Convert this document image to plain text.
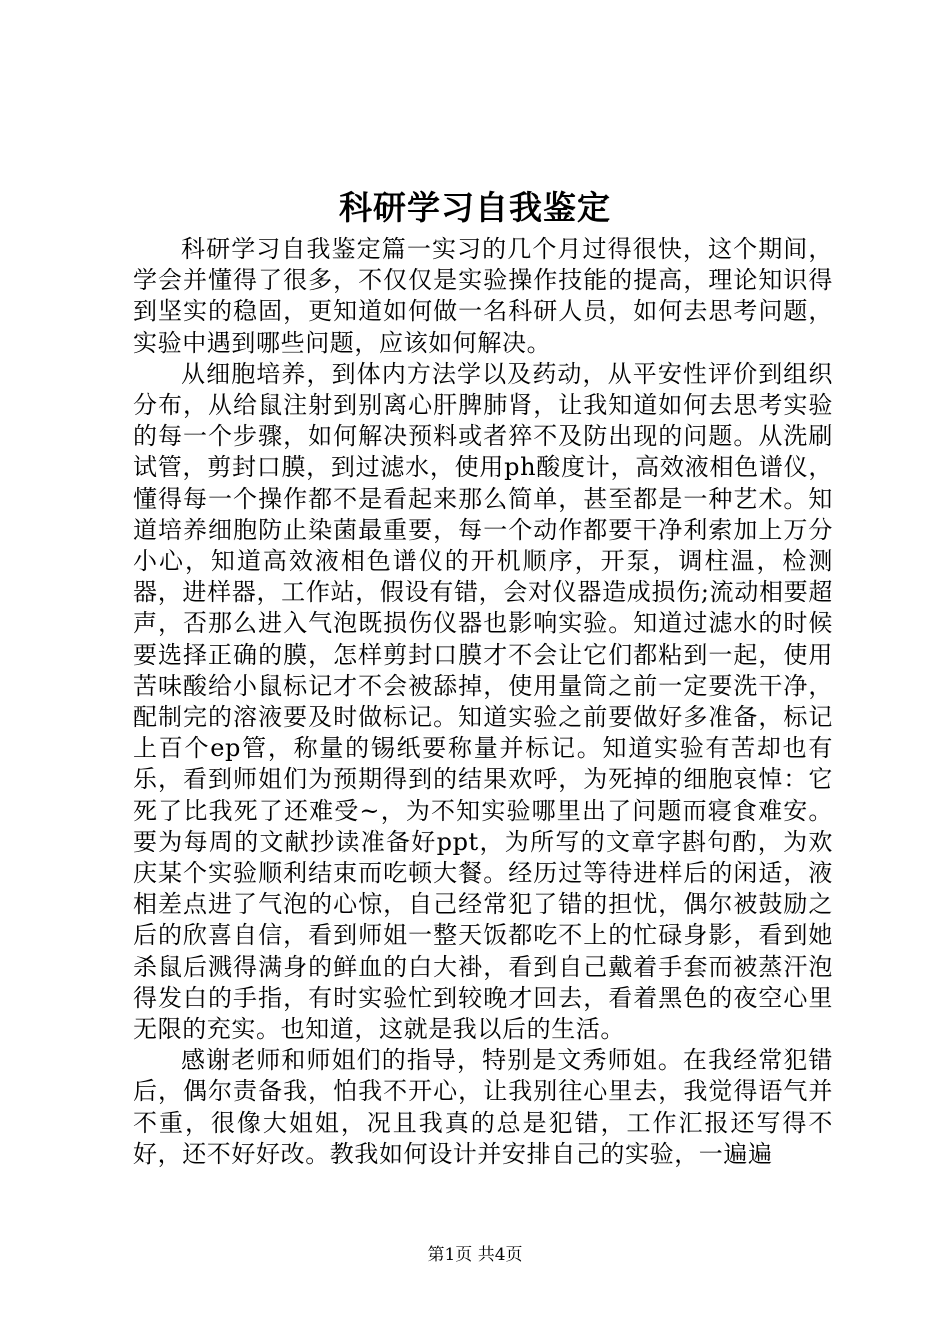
科研学习自我鉴定

科研学习自我鉴定篇一实习的几个月过得很快，这个期间，学会并懂得了很多，不仅仅是实验操作技能的提高，理论知识得到坚实的稳固，更知道如何做一名科研人员，如何去思考问题，实验中遇到哪些问题，应该如何解决。

从细胞培养，到体内方法学以及药动，从平安性评价到组织分布，从给鼠注射到别离心肝脾肺肾，让我知道如何去思考实验的每一个步骤，如何解决预料或者猝不及防出现的问题。从洗刷试管，剪封口膜，到过滤水，使用ph酸度计，高效液相色谱仪，懂得每一个操作都不是看起来那么简单，甚至都是一种艺术。知道培养细胞防止染菌最重要，每一个动作都要干净利索加上万分小心，知道高效液相色谱仪的开机顺序，开泵，调柱温，检测器，进样器，工作站，假设有错，会对仪器造成损伤;流动相要超声，否那么进入气泡既损伤仪器也影响实验。知道过滤水的时候要选择正确的膜，怎样剪封口膜才不会让它们都粘到一起，使用苦味酸给小鼠标记才不会被舔掉，使用量筒之前一定要洗干净，配制完的溶液要及时做标记。知道实验之前要做好多准备，标记上百个ep管，称量的锡纸要称量并标记。知道实验有苦却也有乐，看到师姐们为预期得到的结果欢呼，为死掉的细胞哀悼：它死了比我死了还难受~，为不知实验哪里出了问题而寝食难安。要为每周的文献抄读准备好ppt，为所写的文章字斟句酌，为欢庆某个实验顺利结束而吃顿大餐。经历过等待进样后的闲适，液相差点进了气泡的心惊，自己经常犯了错的担忧，偶尔被鼓励之后的欣喜自信，看到师姐一整天饭都吃不上的忙碌身影，看到她杀鼠后溅得满身的鲜血的白大褂，看到自己戴着手套而被蒸汗泡得发白的手指，有时实验忙到较晚才回去，看着黑色的夜空心里无限的充实。也知道，这就是我以后的生活。

感谢老师和师姐们的指导，特别是文秀师姐。在我经常犯错后，偶尔责备我，怕我不开心，让我别往心里去，我觉得语气并不重，很像大姐姐，况且我真的总是犯错，工作汇报还写得不好，还不好好改。教我如何设计并安排自己的实验，一遍遍

第1页 共4页
